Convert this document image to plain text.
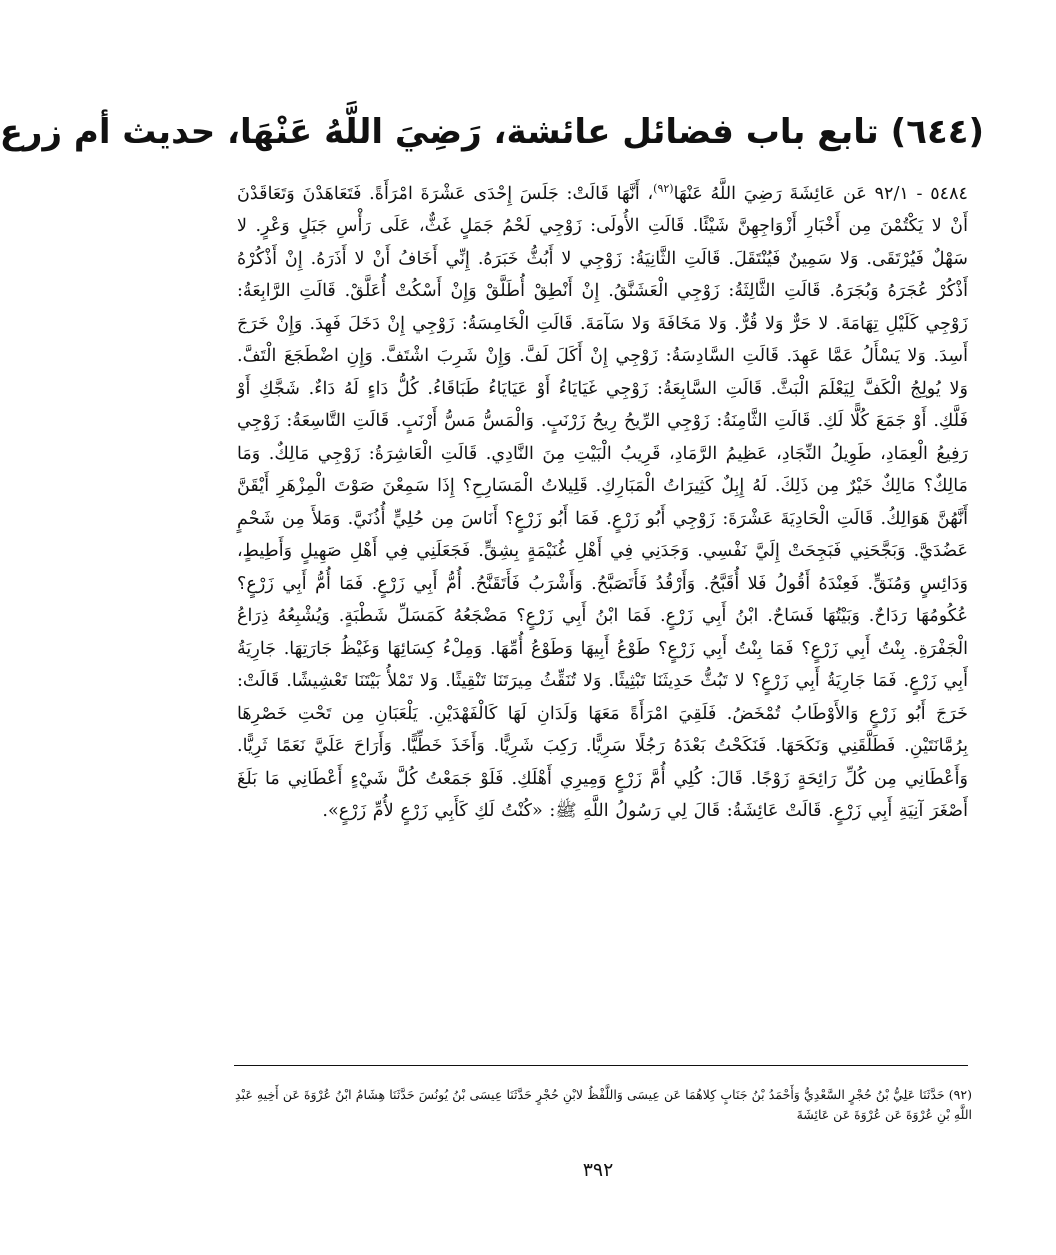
(٦٤٤) تابع باب فضائل عائشة، رَضِيَ اللَّهُ عَنْهَا، حديث أم زرع

٥٤٨٤ - ٩٢/١ عَن عَائِشَةَ رَضِيَ اللَّهُ عَنْهَا$^{(٩٢)}$، أَنَّهَا قَالَتْ: جَلَسَ إِحْدَى عَشْرَةَ امْرَأَةً. فَتَعَاهَدْنَ وَتَعَاقَدْنَ أَنْ لا يَكْتُمْنَ مِن أَخْبَارِ أَزْوَاجِهِنَّ شَيْئًا. قَالَتِ الأُولَى: زَوْجِي لَحْمُ جَمَلٍ غَثٌّ، عَلَى رَأْسِ جَبَلٍ وَعْرٍ. لا سَهْلٌ فَيُرْتَقَى. وَلا سَمِينٌ فَيُنْتَقَلَ. قَالَتِ الثَّانِيَةُ: زَوْجِي لا أَبُثُّ خَبَرَهُ. إِنِّي أَخَافُ أَنْ لا أَذَرَهُ. إِنْ أَذْكُرْهُ أَذْكُرْ عُجَرَهُ وَبُجَرَهُ. قَالَتِ الثَّالِثَةُ: زَوْجِي الْعَشَنَّقُ. إِنْ أَنْطِقْ أُطَلَّقْ وَإِنْ أَسْكُتْ أُعَلَّقْ. قَالَتِ الرَّابِعَةُ: زَوْجِي كَلَيْلِ تِهَامَةَ. لا حَرٌّ وَلا قُرٌّ. وَلا مَخَافَةَ وَلا سَآمَةَ. قَالَتِ الْخَامِسَةُ: زَوْجِي إِنْ دَخَلَ فَهِدَ. وَإِنْ خَرَجَ أَسِدَ. وَلا يَسْأَلُ عَمَّا عَهِدَ. قَالَتِ السَّادِسَةُ: زَوْجِي إِنْ أَكَلَ لَفَّ. وَإِنْ شَرِبَ اشْتَفَّ. وَإِنِ اضْطَجَعَ الْتَفَّ. وَلا يُولِجُ الْكَفَّ لِيَعْلَمَ الْبَثَّ. قَالَتِ السَّابِعَةُ: زَوْجِي غَيَايَاءُ أَوْ عَيَايَاءُ طَبَاقَاءُ. كُلُّ دَاءٍ لَهُ دَاءٌ. شَجَّكِ أَوْ فَلَّكِ. أَوْ جَمَعَ كُلًّا لَكِ. قَالَتِ الثَّامِنَةُ: زَوْجِي الرِّيحُ رِيحُ زَرْنَبٍ. وَالْمَسُّ مَسُّ أَرْنَبٍ. قَالَتِ التَّاسِعَةُ: زَوْجِي رَفِيعُ الْعِمَادِ، طَوِيلُ النِّجَادِ، عَظِيمُ الرَّمَادِ، قَرِيبُ الْبَيْتِ مِنَ النَّادِي. قَالَتِ الْعَاشِرَةُ: زَوْجِي مَالِكٌ. وَمَا مَالِكٌ؟ مَالِكٌ خَيْرٌ مِن ذَلِكَ. لَهُ إِبِلٌ كَثِيرَاتُ الْمَبَارِكِ. قَلِيلاتُ الْمَسَارِحِ؟ إِذَا سَمِعْنَ صَوْتَ الْمِزْهَرِ أَيْقَنَّ أَنَّهُنَّ هَوَالِكُ. قَالَتِ الْحَادِيَةَ عَشْرَةَ: زَوْجِي أَبُو زَرْعٍ. فَمَا أَبُو زَرْعٍ؟ أَنَاسَ مِن حُلِيٍّ أُذُنَيَّ. وَمَلأَ مِن شَحْمٍ عَضُدَيَّ. وَبَجَّحَنِي فَبَجِحَتْ إِلَيَّ نَفْسِي. وَجَدَنِي فِي أَهْلِ غُنَيْمَةٍ بِشِقٍّ. فَجَعَلَنِي فِي أَهْلِ صَهِيلٍ وَأَطِيطٍ، وَدَائِسٍ وَمُنَقٍّ. فَعِنْدَهُ أَقُولُ فَلا أُقَبَّحُ. وَأَرْقُدُ فَأَتَصَبَّحُ. وَأَشْرَبُ فَأَتَقَنَّحُ. أُمُّ أَبِي زَرْعٍ. فَمَا أُمُّ أَبِي زَرْعٍ؟ عُكُومُهَا رَدَاحٌ. وَبَيْتُهَا فَسَاحٌ. ابْنُ أَبِي زَرْعٍ. فَمَا ابْنُ أَبِي زَرْعٍ؟ مَضْجَعُهُ كَمَسَلِّ شَطْبَةٍ. وَيُشْبِعُهُ ذِرَاعُ الْجَفْرَةِ. بِنْتُ أَبِي زَرْعٍ؟ فَمَا بِنْتُ أَبِي زَرْعٍ؟ طَوْعُ أَبِيهَا وَطَوْعُ أُمِّهَا. وَمِلْءُ كِسَائِهَا وَغَيْظُ جَارَتِهَا. جَارِيَةُ أَبِي زَرْعٍ. فَمَا جَارِيَةُ أَبِي زَرْعٍ؟ لا تَبُثُّ حَدِيثَنَا تَبْثِيثًا. وَلا تُنَقِّثُ مِيرَتَنَا تَنْقِيثًا. وَلا تَمْلأُ بَيْتَنَا تَعْشِيشًا. قَالَتْ: خَرَجَ أَبُو زَرْعٍ وَالأَوْطَابُ تُمْخَضُ. فَلَقِيَ امْرَأَةً مَعَهَا وَلَدَانِ لَهَا كَالْفَهْدَيْنِ. يَلْعَبَانِ مِن تَحْتِ خَصْرِهَا بِرُمَّانَتَيْنِ. فَطَلَّقَنِي وَنَكَحَهَا. فَنَكَحْتُ بَعْدَهُ رَجُلًا سَرِيًّا. رَكِبَ شَرِيًّا. وَأَخَذَ خَطِّيًّا. وَأَرَاحَ عَلَيَّ نَعَمًا ثَرِيًّا. وَأَعْطَانِي مِن كُلِّ رَائِحَةٍ زَوْجًا. قَالَ: كُلِي أُمَّ زَرْعٍ وَمِيرِي أَهْلَكِ. فَلَوْ جَمَعْتُ كُلَّ شَيْءٍ أَعْطَانِي مَا بَلَغَ أَصْغَرَ آنِيَةِ أَبِي زَرْعٍ. قَالَتْ عَائِشَةُ: قَالَ لِي رَسُولُ اللَّهِ ﷺ: «كُنْتُ لَكِ كَأَبِي زَرْعٍ لأُمِّ زَرْعٍ».

(٩٢) حَدَّثَنَا عَلِيُّ بْنُ حُجْرٍ السَّعْدِيُّ وَأَحْمَدُ بْنُ جَنَابٍ كِلاهُمَا عَن عِيسَى وَاللَّفْظُ لابْنِ حُجْرٍ حَدَّثَنَا عِيسَى بْنُ يُونُسَ حَدَّثَنَا هِشَامُ ابْنُ عُرْوَةَ عَن أَخِيهِ عَبْدِ اللَّهِ بْنِ عُرْوَةَ عَن عُرْوَةَ عَن عَائِشَةَ

٣٩٢
